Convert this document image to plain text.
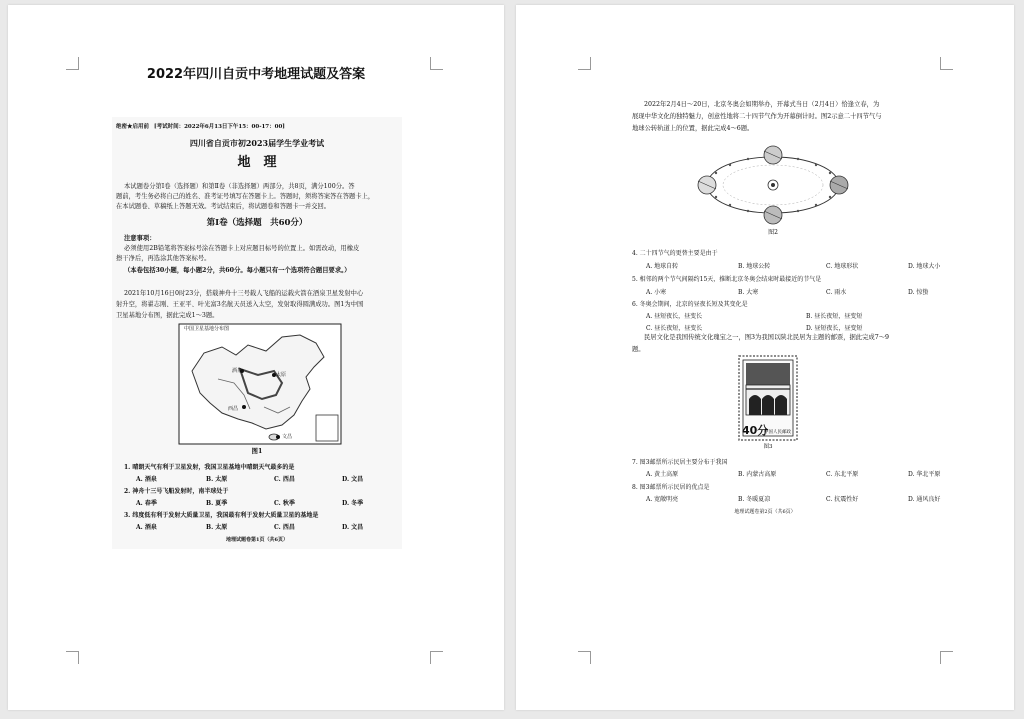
2022年四川自贡中考地理试题及答案
绝密★启用前 [考试时间：2022年6月13日下午15：00-17：00]
四川省自贡市初2023届学生学业考试
地　理
本试题卷分第Ⅰ卷（选择题）和第Ⅱ卷（非选择题）两部分，共8页，满分100分。答
题前，考生务必将自己的姓名、准考证号填写在答题卡上。答题时，须将答案答在答题卡上，
在本试题卷、草稿纸上答题无效。考试结束后，将试题卷和答题卡一并交回。
第Ⅰ卷（选择题　共60分）
注意事项：
必须使用2B铅笔将答案标号涂在答题卡上对应题目标号的位置上。如需改动，用橡皮
擦干净后，再选涂其他答案标号。
（本卷包括30小题，每小题2分，共60分。每小题只有一个选项符合题目要求。）
2021年10月16日0时23分，搭载神舟十三号载人飞船的运载火箭在酒泉卫星发射中心
射升空，将翟志刚、王亚平、叶光富3名航天员送入太空，发射取得圆满成功。图1为中国
卫星基地分布图，据此完成1～3题。
中国卫星基地分布图
酒泉
太原
西昌
文昌
图1
1. 晴朗天气有利于卫星发射，我国卫星基地中晴朗天气最多的是
A. 酒泉	B. 太原	C. 西昌	D. 文昌
2. 神舟十三号飞船发射时，南半球处于
A. 春季	B. 夏季	C. 秋季	D. 冬季
3. 纬度低有利于发射大质量卫星，我国最有利于发射大质量卫星的基地是
A. 酒泉	B. 太原	C. 西昌	D. 文昌
地理试题卷第1页（共6页）
2022年2月4日～20日，北京冬奥会如期举办，开幕式当日（2月4日）恰逢立春，为
展现中华文化的独特魅力，创意性地将二十四节气作为开幕倒计时。图2示意二十四节气与
地球公转轨道上的位置，据此完成4～6题。
图2
4. 二十四节气的更替主要是由于
A. 地球自转	B. 地球公转	C. 地球形状	D. 地球大小
5. 相邻的两个节气间隔约15天，推断北京冬奥会结束时最接近的节气是
A. 小寒	B. 大寒	C. 雨水	D. 惊蛰
6. 冬奥会期间，北京的昼夜长短及其变化是
A. 昼短夜长，昼变长	B. 昼长夜短，昼变短
C. 昼长夜短，昼变长	D. 昼短夜长，昼变短
民居文化是我国传统文化瑰宝之一，图3为我国以陕北民居为主题的邮票，据此完成7～9
题。
40分
中国人民邮政
图3
7. 图3邮票所示民居主要分布于我国
A. 黄土高原	B. 内蒙古高原	C. 东北平原	D. 华北平原
8. 图3邮票所示民居的优点是
A. 宽敞明亮	B. 冬暖夏凉	C. 抗震性好	D. 通风良好
地理试题卷第2页（共6页）
